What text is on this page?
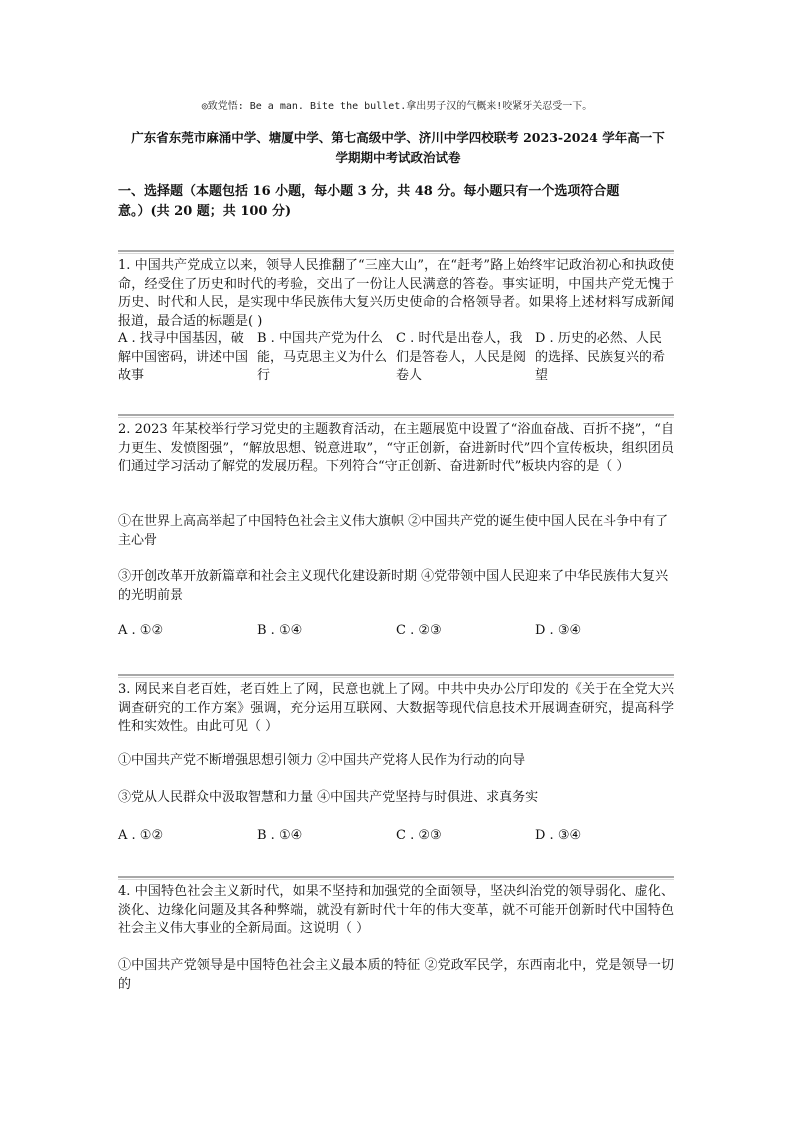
◎致党悟: Be a man. Bite the bullet.拿出男子汉的气概来!咬紧牙关忍受一下。
广东省东莞市麻涌中学、塘厦中学、第七高级中学、济川中学四校联考 2023-2024 学年高一下
学期期中考试政治试卷
一、选择题（本题包括 16 小题，每小题 3 分，共 48 分。每小题只有一个选项符合题
意。）(共 20 题；共 100 分)
1. 中国共产党成立以来，领导人民推翻了“三座大山”，在“赶考”路上始终牢记政治初心和执政使命，经受住了历史和时代的考验，交出了一份让人民满意的答卷。事实证明，中国共产党无愧于历史、时代和人民，是实现中华民族伟大复兴历史使命的合格领导者。如果将上述材料写成新闻报道，最合适的标题是( )
A . 找寻中国基因，破解中国密码，讲述中国故事
B . 中国共产党为什么能，马克思主义为什么行
C . 时代是出卷人，我们是答卷人，人民是阅卷人
D . 历史的必然、人民的选择、民族复兴的希望
2. 2023 年某校举行学习党史的主题教育活动，在主题展览中设置了“浴血奋战、百折不挠”，“自力更生、发愤图强”，“解放思想、锐意进取”，“守正创新，奋进新时代”四个宣传板块，组织团员们通过学习活动了解党的发展历程。下列符合“守正创新、奋进新时代”板块内容的是（ ）
①在世界上高高举起了中国特色社会主义伟大旗帜 ②中国共产党的诞生使中国人民在斗争中有了主心骨
③开创改革开放新篇章和社会主义现代化建设新时期 ④党带领中国人民迎来了中华民族伟大复兴的光明前景
A . ①②	B . ①④	C . ②③	D . ③④
3. 网民来自老百姓，老百姓上了网，民意也就上了网。中共中央办公厅印发的《关于在全党大兴调查研究的工作方案》强调，充分运用互联网、大数据等现代信息技术开展调查研究，提高科学性和实效性。由此可见（ ）
①中国共产党不断增强思想引领力 ②中国共产党将人民作为行动的向导
③党从人民群众中汲取智慧和力量 ④中国共产党坚持与时俱进、求真务实
A . ①②	B . ①④	C . ②③	D . ③④
4. 中国特色社会主义新时代，如果不坚持和加强党的全面领导，坚决纠治党的领导弱化、虚化、淡化、边缘化问题及其各种弊端，就没有新时代十年的伟大变革，就不可能开创新时代中国特色社会主义伟大事业的全新局面。这说明（ ）
①中国共产党领导是中国特色社会主义最本质的特征 ②党政军民学，东西南北中，党是领导一切的
